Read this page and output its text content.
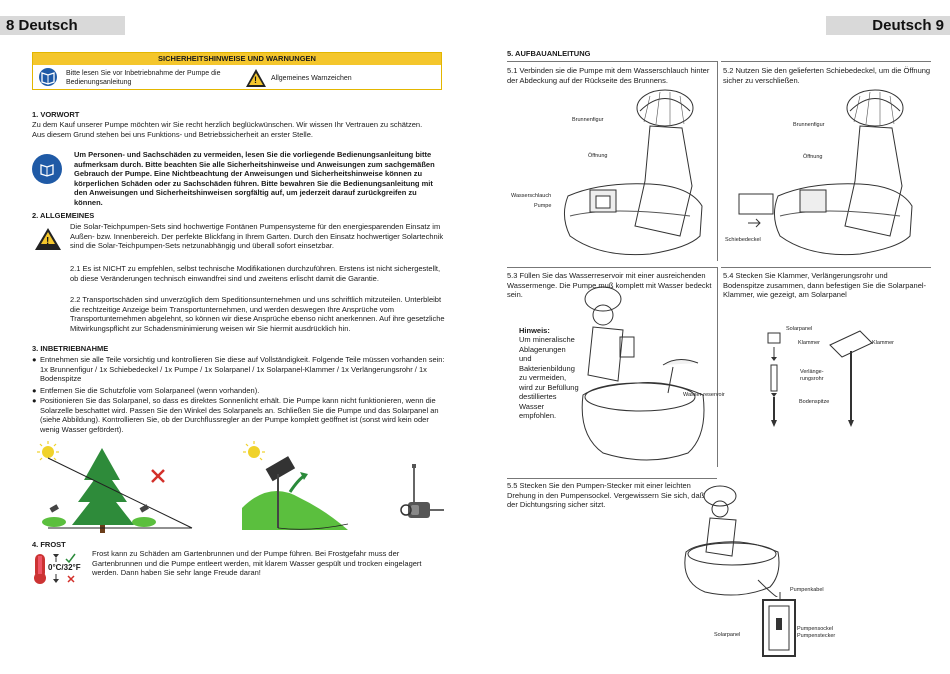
8 Deutsch	Deutsch 9
SICHERHEITSHINWEISE UND WARNUNGEN
Bitte lesen Sie vor Inbetriebnahme der Pumpe die Bedienungsanleitung	! Allgemeines Warnzeichen
1. VORWORT
Zu dem Kauf unserer Pumpe möchten wir Sie recht herzlich beglückwünschen. Wir wissen Ihr Vertrauen zu schätzen. Aus diesem Grund stehen bei uns Funktions- und Betriebssicherheit an erster Stelle.
Um Personen- und Sachschäden zu vermeiden, lesen Sie die vorliegende Bedienungsanleitung bitte aufmerksam durch. Bitte beachten Sie alle Sicherheitshinweise und Anweisungen zum sachgemäßen Gebrauch der Pumpe. Eine Nichtbeachtung der Anweisungen und Sicherheitshinweise können zu körperlichen Schäden oder zu Sachschäden führen. Bitte bewahren Sie die Bedienungsanleitung mit den Anweisungen und Sicherheitshinweisen sorgfältig auf, um jederzeit darauf zurückgreifen zu können.
2. ALLGEMEINES
!
Die Solar-Teichpumpen-Sets sind hochwertige Fontänen Pumpensysteme für den energiesparenden Einsatz im Außen- bzw. Innenbereich. Der perfekte Blickfang in Ihrem Garten. Durch den Einsatz hochwertiger Solartechnik sind die Solar-Teichpumpen-Sets netzunabhängig und überall sofort einsetzbar.
2.1 Es ist NICHT zu empfehlen, selbst technische Modifikationen durchzuführen. Erstens ist nicht sichergestellt, ob diese Veränderungen technisch einwandfrei sind und zweitens erlischt damit die Garantie.
2.2 Transportschäden sind unverzüglich dem Speditionsunternehmen und uns schriftlich mitzuteilen. Unterbleibt die rechtzeitige Anzeige beim Transportunternehmen, und werden deswegen Ihre Ansprüche vom Transportunternehmen abgelehnt, so können wir diese Ansprüche ebenso nicht anerkennen. Auf ihre gesetzliche Mitwirkungspflicht zur Schadensminimierung weisen wir Sie hiermit ausdrücklich hin.
3. INBETRIEBNAHME
● Entnehmen sie alle Teile vorsichtig und kontrollieren Sie diese auf Vollständigkeit. Folgende Teile müssen vorhanden sein: 1x Brunnenfigur / 1x Schiebedeckel / 1x Pumpe / 1x Solarpanel / 1x Solarpanel-Klammer / 1x Verlängerungsrohr / 1x Bodenspitze
● Entfernen Sie die Schutzfolie vom Solarpaneel (wenn vorhanden).
● Positionieren Sie das Solarpanel, so dass es direktes Sonnenlicht erhält. Die Pumpe kann nicht funktionieren, wenn die Solarzelle beschattet wird. Passen Sie den Winkel des Solarpanels an. Schließen Sie die Pumpe und das Solarpanel an (siehe Abbildung). Kontrollieren Sie, ob der Durchflussregler an der Pumpe komplett geöffnet ist (sonst wird kein oder wenig Wasser gefördert).
4. FROST
0°C/32°F
Frost kann zu Schäden am Gartenbrunnen und der Pumpe führen. Bei Frostgefahr muss der Gartenbrunnen und die Pumpe entleert werden, mit klarem Wasser gespült und trocken eingelagert werden. Dann haben Sie sehr lange Freude daran!
5. AUFBAUANLEITUNG
5.1 Verbinden sie die Pumpe mit dem Wasserschlauch hinter der Abdeckung auf der Rückseite des Brunnens.
5.2 Nutzen Sie den gelieferten Schiebedeckel, um die Öffnung sicher zu verschließen.
Brunnenfigur
Öffnung
Wasserschlauch
Pumpe
Brunnenfigur
Öffnung
Schiebedeckel
5.3 Füllen Sie das Wasserreservoir mit einer ausreichenden Wassermenge. Die Pumpe muß komplett mit Wasser bedeckt sein.
Hinweis:
Um mineralische Ablagerungen und Bakterienbildung zu vermeiden, wird zur Befüllung destilliertes Wasser empfohlen.
Wasser-reservoir
5.4 Stecken Sie Klammer, Verlängerungsrohr und Bodenspitze zusammen, dann befestigen Sie die Solarpanel-Klammer, wie gezeigt, am Solarpanel
Solarpanel
Klammer	Klammer
Verlänge-rungsrohr
Bodenspitze
5.5 Stecken Sie den Pumpen-Stecker mit einer leichten Drehung in den Pumpensockel. Vergewissern Sie sich, daß der Dichtungsring sicher sitzt.
Pumpenkabel
Pumpensockel
Pumpenstecker
Solarpanel
